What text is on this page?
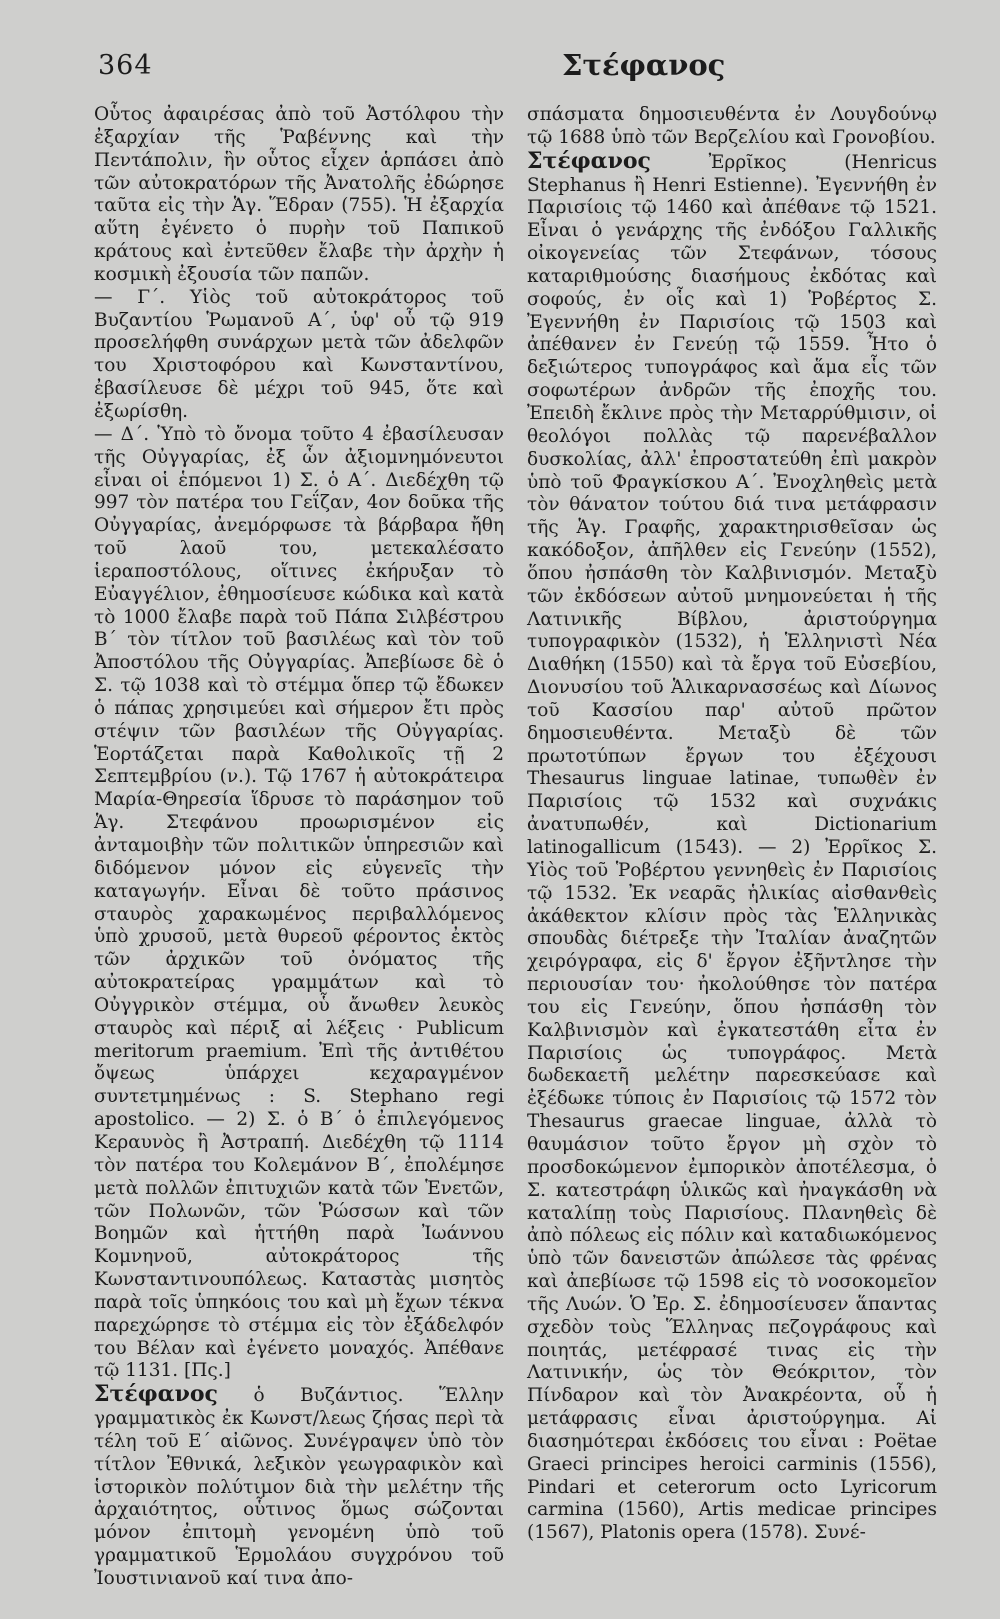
364	Στέφανος

Οὗτος ἀφαιρέσας ἀπὸ τοῦ Ἀστόλφου τὴν ἐξαρχίαν τῆς Ῥαβέννης καὶ τὴν Πεντάπολιν, ἣν οὗτος εἶχεν ἁρπάσει ἀπὸ τῶν αὐτοκρατόρων τῆς Ἀνατολῆς ἐδώρησε ταῦτα εἰς τὴν Ἁγ. Ἕδραν (755). Ἡ ἐξαρχία αὕτη ἐγένετο ὁ πυρὴν τοῦ Παπικοῦ κράτους καὶ ἐντεῦθεν ἔλαβε τὴν ἀρχὴν ἡ κοσμικὴ ἐξουσία τῶν παπῶν.

— Γ΄. Υἱὸς τοῦ αὐτοκράτορος τοῦ Βυζαντίου Ῥωμανοῦ Α΄, ὑφ' οὗ τῷ 919 προσελήφθη συνάρχων μετὰ τῶν ἀδελφῶν του Χριστοφόρου καὶ Κωνσταντίνου, ἐβασίλευσε δὲ μέχρι τοῦ 945, ὅτε καὶ ἐξωρίσθη.

— Δ΄. Ὑπὸ τὸ ὄνομα τοῦτο 4 ἐβασίλευσαν τῆς Οὐγγαρίας, ἐξ ὧν ἀξιομνημόνευτοι εἶναι οἱ ἑπόμενοι 1) Σ. ὁ Α΄. Διεδέχθη τῷ 997 τὸν πατέρα του Γεΐζαν, 4ον δοῦκα τῆς Οὐγγαρίας, ἀνεμόρφωσε τὰ βάρβαρα ἤθη τοῦ λαοῦ του, μετεκαλέσατο ἱεραποστόλους, οἵτινες ἐκήρυξαν τὸ Εὐαγγέλιον, ἐθημοσίευσε κώδικα καὶ κατὰ τὸ 1000 ἔλαβε παρὰ τοῦ Πάπα Σιλβέστρου Β΄ τὸν τίτλον τοῦ βασιλέως καὶ τὸν τοῦ Ἀποστόλου τῆς Οὐγγαρίας. Ἀπεβίωσε δὲ ὁ Σ. τῷ 1038 καὶ τὸ στέμμα ὅπερ τῷ ἔδωκεν ὁ πάπας χρησιμεύει καὶ σήμερον ἔτι πρὸς στέψιν τῶν βασιλέων τῆς Οὐγγαρίας. Ἑορτάζεται παρὰ Καθολικοῖς τῇ 2 Σεπτεμβρίου (ν.). Τῷ 1767 ἡ αὐτοκράτειρα Μαρία-Θηρεσία ἵδρυσε τὸ παράσημον τοῦ Ἁγ. Στεφάνου προωρισμένον εἰς ἀνταμοιβὴν τῶν πολιτικῶν ὑπηρεσιῶν καὶ διδόμενον μόνον εἰς εὐγενεῖς τὴν καταγωγήν. Εἶναι δὲ τοῦτο πράσινος σταυρὸς χαρακωμένος περιβαλλόμενος ὑπὸ χρυσοῦ, μετὰ θυρεοῦ φέροντος ἐκτὸς τῶν ἀρχικῶν τοῦ ὀνόματος τῆς αὐτοκρατείρας γραμμάτων καὶ τὸ Οὐγγρικὸν στέμμα, οὗ ἄνωθεν λευκὸς σταυρὸς καὶ πέριξ αἱ λέξεις · Publicum meritorum praemium. Ἐπὶ τῆς ἀντιθέτου ὄψεως ὑπάρχει κεχαραγμένον συντετμημένως : S. Stephano regi apostolico. — 2) Σ. ὁ Β΄ ὁ ἐπιλεγόμενος Κεραυνὸς ἢ Ἀστραπή. Διεδέχθη τῷ 1114 τὸν πατέρα του Κολεμάνον Β΄, ἐπολέμησε μετὰ πολλῶν ἐπιτυχιῶν κατὰ τῶν Ἑνετῶν, τῶν Πολωνῶν, τῶν Ῥώσσων καὶ τῶν Βοημῶν καὶ ἡττήθη παρὰ Ἰωάννου Κομνηνοῦ, αὐτοκράτορος τῆς Κωνσταντινουπόλεως. Καταστὰς μισητὸς παρὰ τοῖς ὑπηκόοις του καὶ μὴ ἔχων τέκνα παρεχώρησε τὸ στέμμα εἰς τὸν ἐξάδελφόν του Βέλαν καὶ ἐγένετο μοναχός. Ἀπέθανε τῷ 1131. [Πς.]

Στέφανος ὁ Βυζάντιος. Ἕλλην γραμματικὸς ἐκ Κωνστ/λεως ζήσας περὶ τὰ τέλη τοῦ Ε΄ αἰῶνος. Συνέγραψεν ὑπὸ τὸν τίτλον Ἐθνικά, λεξικὸν γεωγραφικὸν καὶ ἱστορικὸν πολύτιμον διὰ τὴν μελέτην τῆς ἀρχαιότητος, οὗτινος ὅμως σώζονται μόνον ἐπιτομὴ γενομένη ὑπὸ τοῦ γραμματικοῦ Ἑρμολάου συγχρόνου τοῦ Ἰουστινιανοῦ καί τινα ἀπο-

σπάσματα δημοσιευθέντα ἐν Λουγδούνῳ τῷ 1688 ὑπὸ τῶν Βερζελίου καὶ Γρονοβίου.

Στέφανος	Ἐρρῖκος (Henricus Stephanus ἢ Henri Estienne). Ἐγεννήθη ἐν Παρισίοις τῷ 1460 καὶ ἀπέθανε τῷ 1521. Εἶναι ὁ γενάρχης τῆς ἐνδόξου Γαλλικῆς οἰκογενείας τῶν Στεφάνων, τόσους καταριθμούσης διασήμους ἐκδότας καὶ σοφούς, ἐν οἷς καὶ 1) Ῥοβέρτος Σ. Ἐγεννήθη ἐν Παρισίοις τῷ 1503 καὶ ἀπέθανεν ἐν Γενεύῃ τῷ 1559. Ἦτο ὁ δεξιώτερος τυπογράφος καὶ ἅμα εἷς τῶν σοφωτέρων ἀνδρῶν τῆς ἐποχῆς του. Ἐπειδὴ ἔκλινε πρὸς τὴν Μεταρρύθμισιν, οἱ θεολόγοι πολλὰς τῷ παρενέβαλλον δυσκολίας, ἀλλ' ἐπροστατεύθη ἐπὶ μακρὸν ὑπὸ τοῦ Φραγκίσκου Α΄. Ἐνοχληθεὶς μετὰ τὸν θάνατον τούτου διά τινα μετάφρασιν τῆς Ἁγ. Γραφῆς, χαρακτηρισθεῖσαν ὡς κακόδοξον, ἀπῆλθεν εἰς Γενεύην (1552), ὅπου ἠσπάσθη τὸν Καλβινισμόν. Μεταξὺ τῶν ἐκδόσεων αὐτοῦ μνημονεύεται ἡ τῆς Λατινικῆς Βίβλου, ἀριστούργημα τυπογραφικὸν (1532), ἡ Ἑλληνιστὶ Νέα Διαθήκη (1550) καὶ τὰ ἔργα τοῦ Εὐσεβίου, Διονυσίου τοῦ Ἁλικαρνασσέως καὶ Δίωνος τοῦ Κασσίου παρ' αὐτοῦ πρῶτον δημοσιευθέντα. Μεταξὺ δὲ τῶν πρωτοτύπων ἔργων του ἐξέχουσι Thesaurus linguae latinae, τυπωθὲν ἐν Παρισίοις τῷ 1532 καὶ συχνάκις ἀνατυπωθέν, καὶ Dictionarium latinogallicum (1543). — 2) Ἐρρῖκος Σ. Υἱὸς τοῦ Ῥοβέρτου γεννηθεὶς ἐν Παρισίοις τῷ 1532. Ἐκ νεαρᾶς ἡλικίας αἰσθανθεὶς ἀκάθεκτον κλίσιν πρὸς τὰς Ἑλληνικὰς σπουδὰς διέτρεξε τὴν Ἰταλίαν ἀναζητῶν χειρόγραφα, εἰς δ' ἔργον ἐξῆντλησε τὴν περιουσίαν του· ἠκολούθησε τὸν πατέρα του εἰς Γενεύην, ὅπου ἠσπάσθη τὸν Καλβινισμὸν καὶ ἐγκατεστάθη εἶτα ἐν Παρισίοις ὡς τυπογράφος. Μετὰ δωδεκαετῆ μελέτην παρεσκεύασε καὶ ἐξέδωκε τύποις ἐν Παρισίοις τῷ 1572 τὸν Thesaurus graecae linguae, ἀλλὰ τὸ θαυμάσιον τοῦτο ἔργον μὴ σχὸν τὸ προσδοκώμενον ἐμπορικὸν ἀποτέλεσμα, ὁ Σ. κατεστράφη ὑλικῶς καὶ ἠναγκάσθη νὰ καταλίπῃ τοὺς Παρισίους. Πλανηθεὶς δὲ ἀπὸ πόλεως εἰς πόλιν καὶ καταδιωκόμενος ὑπὸ τῶν δανειστῶν ἀπώλεσε τὰς φρένας καὶ ἀπεβίωσε τῷ 1598 εἰς τὸ νοσοκομεῖον τῆς Λυών. Ὁ Ἐρ. Σ. ἐδημοσίευσεν ἅπαντας σχεδὸν τοὺς Ἕλληνας πεζογράφους καὶ ποιητάς, μετέφρασέ τινας εἰς τὴν Λατινικήν, ὡς τὸν Θεόκριτον, τὸν Πίνδαρον καὶ τὸν Ἀνακρέοντα, οὗ ἡ μετάφρασις εἶναι ἀριστούργημα. Αἱ διασημότεραι ἐκδόσεις του εἶναι : Poëtae Graeci principes heroici carminis (1556), Pindari et ceterorum octo Lyricorum carmina (1560), Artis medicae principes (1567), Platonis opera (1578). Συνέ-
